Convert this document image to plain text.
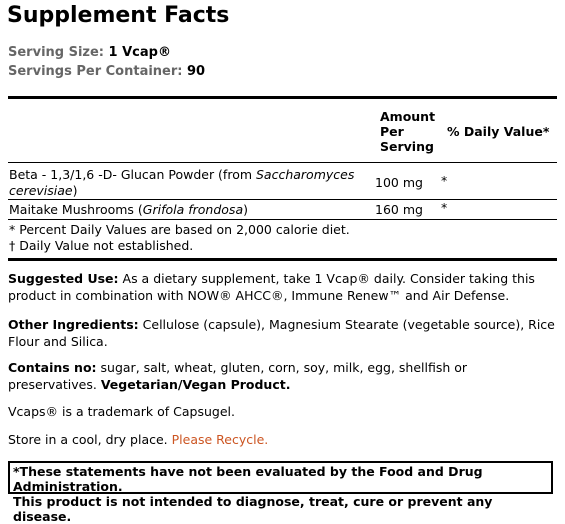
Supplement Facts
Serving Size: 1 Vcap®
Servings Per Container: 90
Amount
Per
Serving
% Daily Value*
Beta - 1,3/1,6 -D- Glucan Powder (from Saccharomyces
cerevisiae)
100 mg *
Maitake Mushrooms (Grifola frondosa)	160 mg *
* Percent Daily Values are based on 2,000 calorie diet.
† Daily Value not established.
Suggested Use: As a dietary supplement, take 1 Vcap® daily. Consider taking this
product in combination with NOW® AHCC®, Immune Renew™ and Air Defense.
Other Ingredients: Cellulose (capsule), Magnesium Stearate (vegetable source), Rice
Flour and Silica.
Contains no: sugar, salt, wheat, gluten, corn, soy, milk, egg, shellfish or
preservatives. Vegetarian/Vegan Product.
Vcaps® is a trademark of Capsugel.
Store in a cool, dry place. Please Recycle.
*These statements have not been evaluated by the Food and Drug Administration.
This product is not intended to diagnose, treat, cure or prevent any disease.
